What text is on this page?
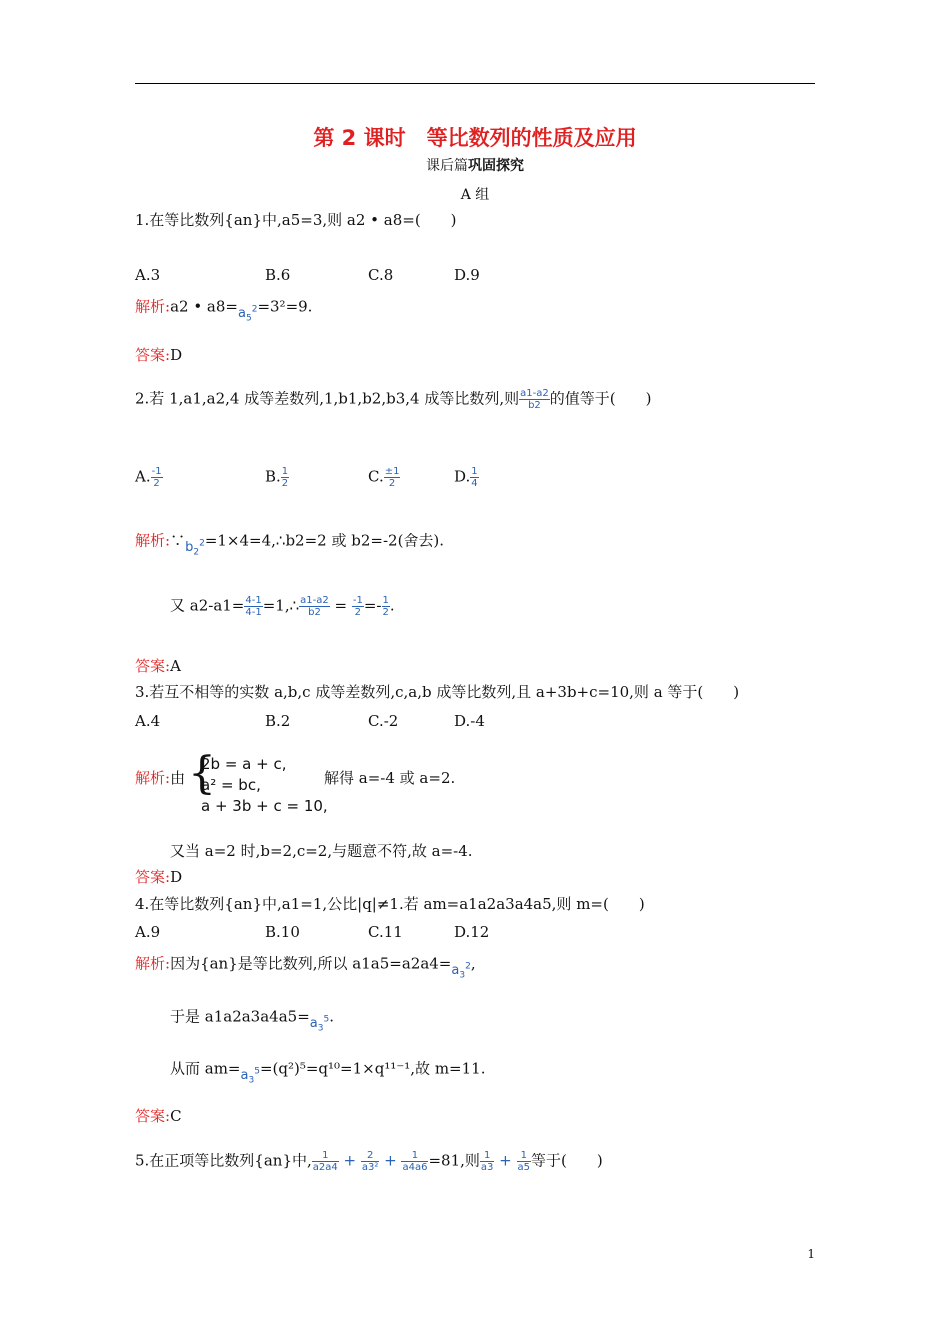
第 2 课时　等比数列的性质及应用
课后篇巩固探究
A 组
1.在等比数列{an}中,a5=3,则 a2 • a8=(　　)
A.3	B.6	C.8	D.9
解析:a2 • $a8=a_5^2=3^2=9$.
答案:D
2.若 1,a1,a2,4 成等差数列,1,b1,b2,b3,4 成等比数列,则 $\frac{a1-a2}{b2}$ 的值等于(　　)
A. $\frac{-1}{2}$	B. $\frac{1}{2}$	C. $\frac{\pm 1}{2}$	D. $\frac{1}{4}$
解析$:\because b_2^2=1\times 4=4,\therefore b2=2$ 或 b2=-2(舍去).
又 $a2-a1= \frac{4-1}{4-1}$ =1,∴ $\frac{a1-a2}{b2} = \frac{-1}{2} =- \frac{1}{2}$ .
答案:A
3.若互不相等的实数 a,b,c 成等差数列,c,a,b 成等比数列,且 a+3b+c=10,则 a 等于(　　)
A.4	B.2	C.-2	D.-4
解析:由 {
2b = a + c,
a² = bc,
a + 3b + c = 10,
解得 a=-4 或 a=2.
又当 a=2 时,b=2,c=2,与题意不符,故 a=-4.
答案:D
4.在等比数列{an}中,a1=1,公比|q|≠1.若 am=a1a2a3a4a5,则 m=(　　)
A.9	B.10	C.11	D.12
解析:因为{an}是等比数列,所以 $a1a5=a2a4=a_3^2$,
于是 $a1a2a3a4a5=a_3^5$.
从而 $am=a_3^5=(q^2)^5=q^{10}=1\times q^{11-1}$,故 m=11.
答案:C
5.在正项等比数列{an}中, $\frac{1}{a2a4} + \frac{2}{\text{a3²}} + \frac{1}{a4a6} =81$,则 $\frac{1}{a3} + \frac{1}{a5}$ 等于(　　)
1
